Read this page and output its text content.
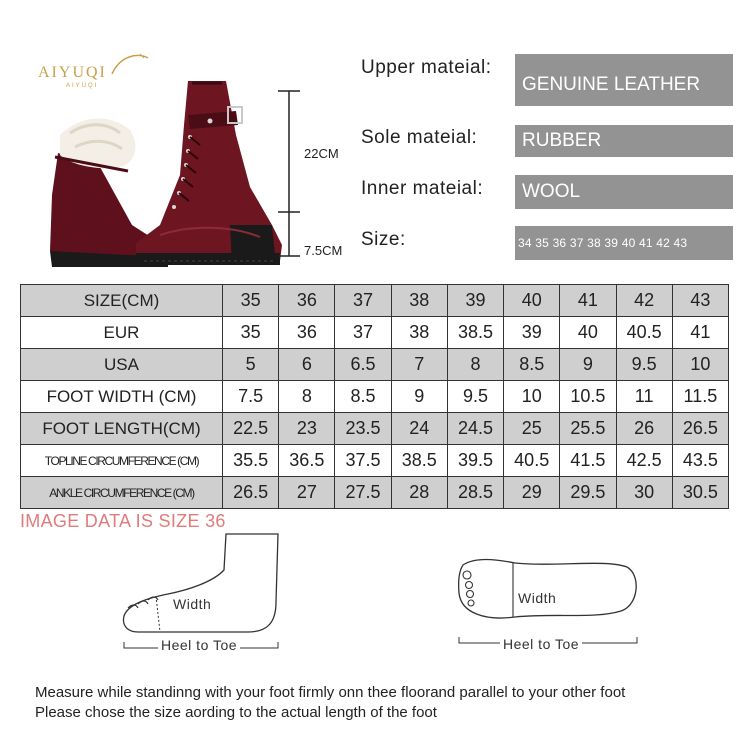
AIYUQI
AIYUQI
22CM
7.5CM
Upper mateial:
GENUINE LEATHER
Sole mateial:	RUBBER
Inner mateial:	WOOL
Size:	34 35 36 37 38 39 40 41 42 43
SIZE(CM)	35	36	37	38	39	40	41	42	43
EUR	35	36	37	38	38.5	39	40	40.5	41
USA	5	6	6.5	7	8	8.5	9	9.5	10
FOOT WIDTH (CM)	7.5	8	8.5	9	9.5	10	10.5	11	11.5
FOOT LENGTH(CM)	22.5	23	23.5	24	24.5	25	25.5	26	26.5
TOPLINE CIRCUMFERENCE (CM)	35.5	36.5	37.5	38.5	39.5	40.5	41.5	42.5	43.5
ANKLE CIRCUMFERENCE (CM)	26.5	27	27.5	28	28.5	29	29.5	30	30.5
IMAGE DATA IS SIZE 36
Width
Heel to Toe
Width
Heel to Toe
Measure while standinng with your foot firmly onn thee floorand parallel to your other foot
Please chose the size aording to the actual length of the foot
